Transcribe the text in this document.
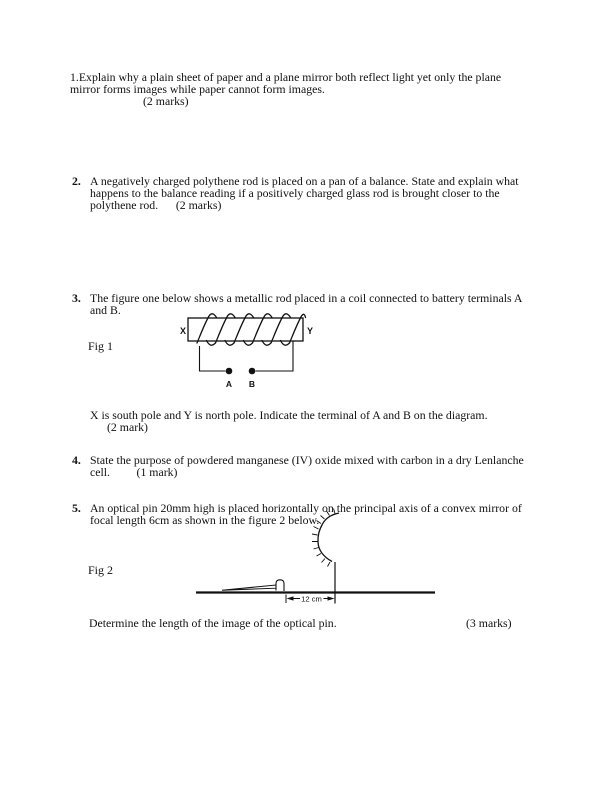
1.Explain why a plain sheet of paper and a plane mirror both reflect light yet only the plane
mirror forms images while paper cannot form images.
(2 marks)
2. A negatively charged polythene rod is placed on a pan of a balance. State and explain what
happens to the balance reading if a positively charged glass rod is brought closer to the
polythene rod.      (2 marks)
3. The figure one below shows a metallic rod placed in a coil connected to battery terminals A
and B.
Fig 1
X	Y
A B
X is south pole and Y is north pole. Indicate the terminal of A and B on the diagram.
(2 mark)
4. State the purpose of powdered manganese (IV) oxide mixed with carbon in a dry Lenlanche
cell.         (1 mark)
5. An optical pin 20mm high is placed horizontally on the principal axis of a convex mirror of
focal length 6cm as shown in the figure 2 below.
Fig 2
12 cm
Determine the length of the image of the optical pin.	(3 marks)
